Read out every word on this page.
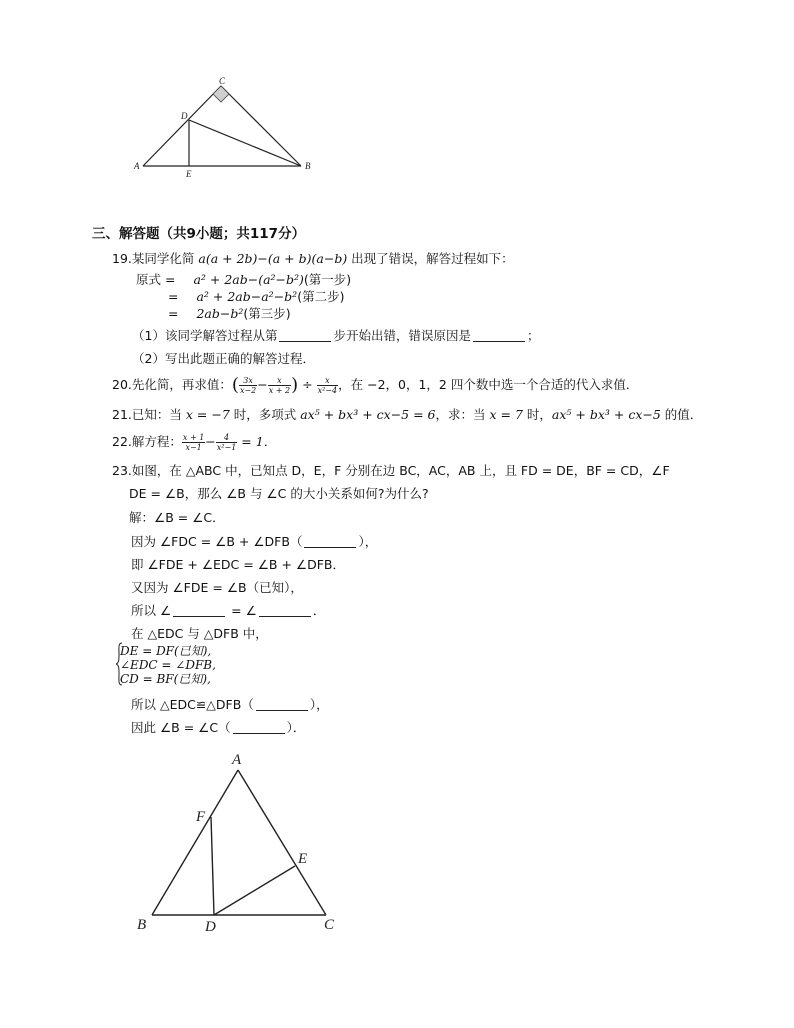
C
D
A
E
B
三、解答题（共9小题；共117分）
19.某同学化简 a(a + 2b)−(a + b)(a−b) 出现了错误，解答过程如下：
原式 = a² + 2ab−(a²−b²)(第一步)
= a² + 2ab−a²−b²(第二步)
= 2ab−b²(第三步)
（1）该同学解答过程从第	步开始出错，错误原因是	；
（2）写出此题正确的解答过程．
20.先化简，再求值：( $\frac{3x}{x-2} - \frac{x}{x + 2}$ ) ÷ $\frac{x}{\text{x²−4}}$ ，在 −2，0，1，2 四个数中选一个合适的代入求值．
21.已知：当 x = −7 时，多项式 ax⁵ + bx³ + cx−5 = 6，求：当 x = 7 时，ax⁵ + bx³ + cx−5 的值．
22.解方程： $\frac{x + 1}{x-1} - \frac{4}{\text{x²−1}} = 1$．
23.如图，在 △ABC 中，已知点 D，E，F 分别在边 BC，AC，AB 上，且 FD = DE，BF = CD，∠F
DE = ∠B，那么 ∠B 与 ∠C 的大小关系如何?为什么?
解：∠B = ∠C．
因为 ∠FDC = ∠B + ∠DFB（	），
即 ∠FDE + ∠EDC = ∠B + ∠DFB．
又因为 ∠FDE = ∠B（已知），
所以 ∠	= ∠	．
在 △EDC 与 △DFB 中，
DE = DF(已知),
∠EDC = ∠DFB,
CD = BF(已知),
所以 △EDC≌△DFB（	），
因此 ∠B = ∠C（	）．
A
F
E
B	D	C
